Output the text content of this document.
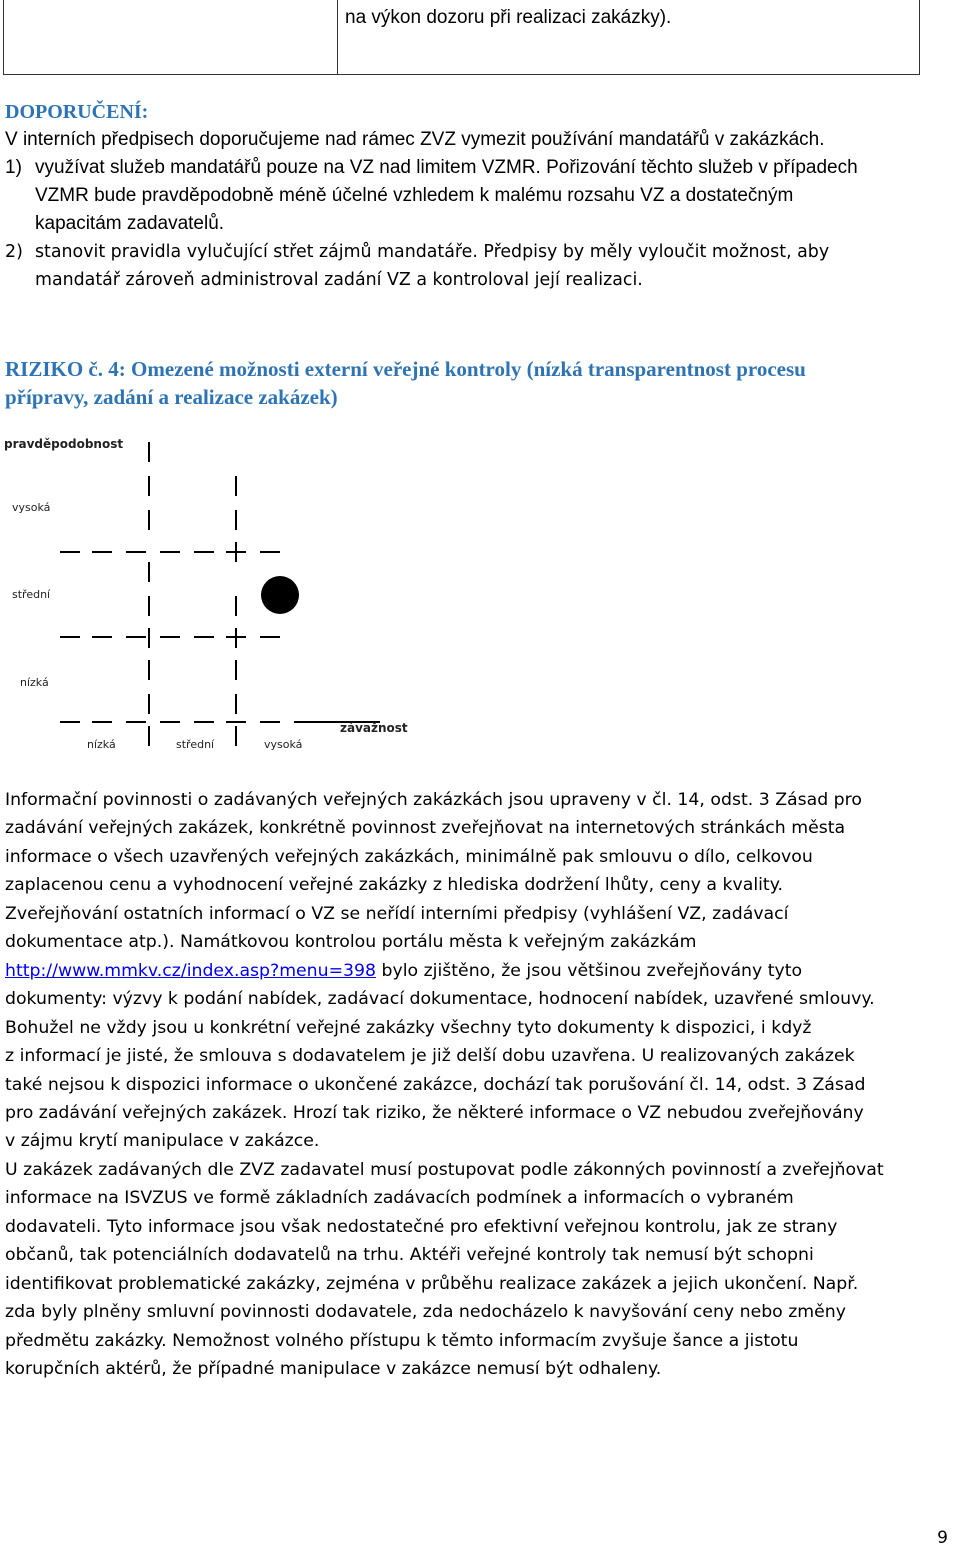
na výkon dozoru při realizaci zakázky).
DOPORUČENÍ:
V interních předpisech doporučujeme nad rámec ZVZ vymezit používání mandatářů v zakázkách.
1) využívat služeb mandatářů pouze na VZ nad limitem VZMR. Pořizování těchto služeb v případech
VZMR bude pravděpodobně méně účelné vzhledem k malému rozsahu VZ a dostatečným
kapacitám zadavatelů.
2) stanovit pravidla vylučující střet zájmů mandatáře. Předpisy by měly vyloučit možnost, aby
mandatář zároveň administroval zadání VZ a kontroloval její realizaci.
RIZIKO č. 4: Omezené možnosti externí veřejné kontroly (nízká transparentnost procesu
přípravy, zadání a realizace zakázek)
pravděpodobnost
závažnost
vysoká
střední
nízká
nízká	střední	vysoká
Informační povinnosti o zadávaných veřejných zakázkách jsou upraveny v čl. 14, odst. 3 Zásad pro
zadávání veřejných zakázek, konkrétně povinnost zveřejňovat na internetových stránkách města
informace o všech uzavřených veřejných zakázkách, minimálně pak smlouvu o dílo, celkovou
zaplacenou cenu a vyhodnocení veřejné zakázky z hlediska dodržení lhůty, ceny a kvality.
Zveřejňování ostatních informací o VZ se neřídí interními předpisy (vyhlášení VZ, zadávací
dokumentace atp.). Namátkovou kontrolou portálu města k veřejným zakázkám
http://www.mmkv.cz/index.asp?menu=398 bylo zjištěno, že jsou většinou zveřejňovány tyto
dokumenty: výzvy k podání nabídek, zadávací dokumentace, hodnocení nabídek, uzavřené smlouvy.
Bohužel ne vždy jsou u konkrétní veřejné zakázky všechny tyto dokumenty k dispozici, i když
z informací je jisté, že smlouva s dodavatelem je již delší dobu uzavřena. U realizovaných zakázek
také nejsou k dispozici informace o ukončené zakázce, dochází tak porušování čl. 14, odst. 3 Zásad
pro zadávání veřejných zakázek. Hrozí tak riziko, že některé informace o VZ nebudou zveřejňovány
v zájmu krytí manipulace v zakázce.
U zakázek zadávaných dle ZVZ zadavatel musí postupovat podle zákonných povinností a zveřejňovat
informace na ISVZUS ve formě základních zadávacích podmínek a informacích o vybraném
dodavateli. Tyto informace jsou však nedostatečné pro efektivní veřejnou kontrolu, jak ze strany
občanů, tak potenciálních dodavatelů na trhu. Aktéři veřejné kontroly tak nemusí být schopni
identifikovat problematické zakázky, zejména v průběhu realizace zakázek a jejich ukončení. Např.
zda byly plněny smluvní povinnosti dodavatele, zda nedocházelo k navyšování ceny nebo změny
předmětu zakázky. Nemožnost volného přístupu k těmto informacím zvyšuje šance a jistotu
korupčních aktérů, že případné manipulace v zakázce nemusí být odhaleny.
9
